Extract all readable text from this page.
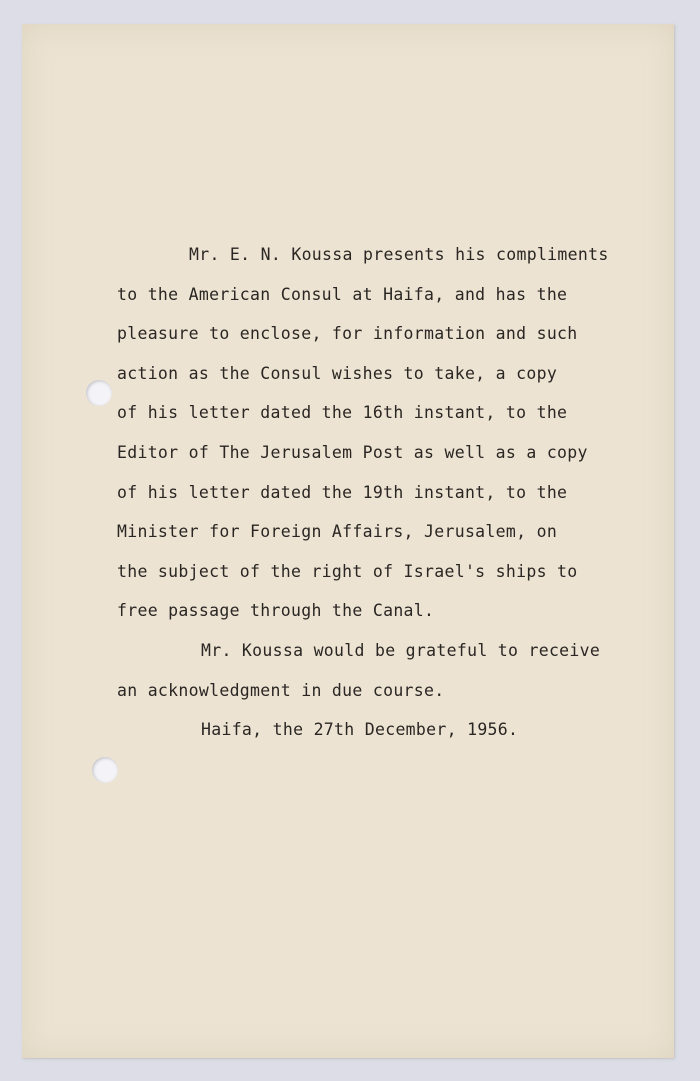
Mr. E. N. Koussa presents his compliments
to the American Consul at Haifa, and has the
pleasure to enclose, for information and such
action as the Consul wishes to take, a copy
of his letter dated the 16th instant, to the
Editor of The Jerusalem Post as well as a copy
of his letter dated the 19th instant, to the
Minister for Foreign Affairs, Jerusalem, on
the subject of the right of Israel's ships to
free passage through the Canal.
Mr. Koussa would be grateful to receive
an acknowledgment in due course.
Haifa, the 27th December, 1956.
